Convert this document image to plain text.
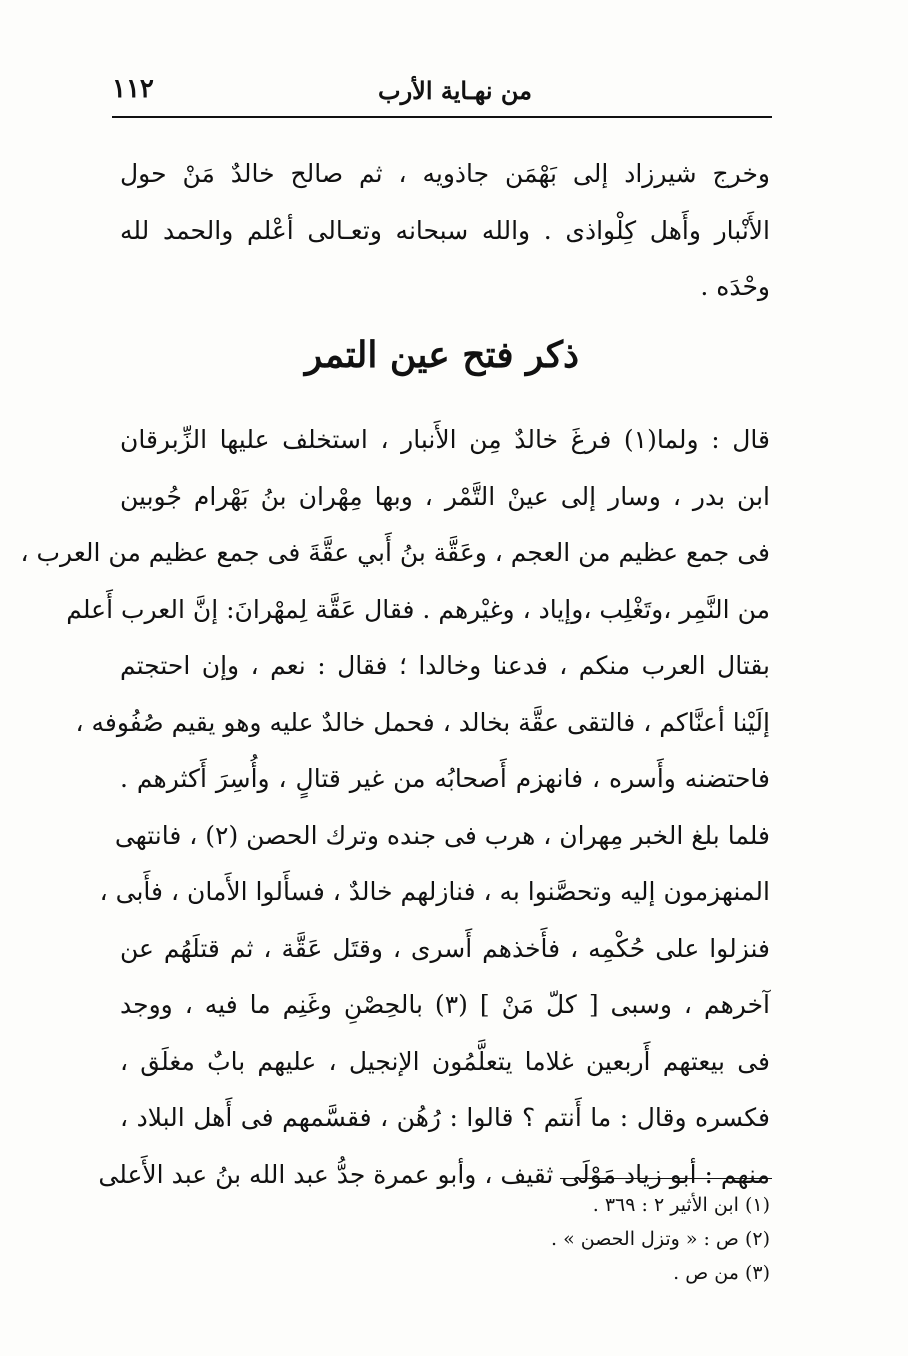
من نهـاية الأرب
١١٢
وخرج شيرزاد إلى بَهْمَن جاذويه ، ثم صالح خالدٌ مَنْ حول
الأَنْبار وأَهل كِلْواذى . والله سبحانه وتعـالى أعْلم والحمد لله
وحْدَه .
ذكر فتح عين التمر
قال : ولما(١) فرغَ خالدٌ مِن الأَنبار ، استخلف عليها الزِّبرقان
ابن بدر ، وسار إلى عينْ التَّمْر ، وبها مِهْران بنُ بَهْرام جُوبين
فى جمع عظيم من العجم ، وعَقَّة بنُ أَبي عقَّةَ فى جمع عظيم من العرب ،
من النَّمِر ،وتَغْلِب ،وإياد ، وغيْرهم . فقال عَقَّة لِمهْرانَ: إنَّ العرب أَعلم
بقتال العرب منكم ، فدعنا وخالدا ؛ فقال : نعم ، وإن احتجتم
إلَيْنا أعنَّاكم ، فالتقى عقَّة بخالد ، فحمل خالدٌ عليه وهو يقيم صُفُوفه ،
فاحتضنه وأَسره ، فانهزم أَصحابُه من غير قتالٍ ، وأُسِرَ أَكثرهم .
فلما بلغ الخبر مِهران ، هرب فى جنده وترك الحصن (٢) ، فانتهى
المنهزمون إليه وتحصَّنوا به ، فنازلهم خالدٌ ، فسأَلوا الأَمان ، فأَبى ،
فنزلوا على حُكْمِه ، فأَخذهم أَسرى ، وقتَل عَقَّة ، ثم قتلَهُم عن
آخرهم ، وسبى [ كلّ مَنْ ] (٣) بالحِصْنِ وغَنِم ما فيه ، ووجد
فى بيعتهم أَربعين غلاما يتعلَّمُون الإنجيل ، عليهم بابٌ مغلَق ،
فكسره وقال : ما أَنتم ؟ قالوا : رُهُن ، فقسَّمهم فى أَهل البلاد ،
منهم : أبو زياد مَوْلَى ثقيف ، وأبو عمرة جدُّ عبد الله بنُ عبد الأَعلى
(١) ابن الأثير ٢ : ٣٦٩ .
(٢) ص : « وتزل الحصن » .
(٣) من ص .
